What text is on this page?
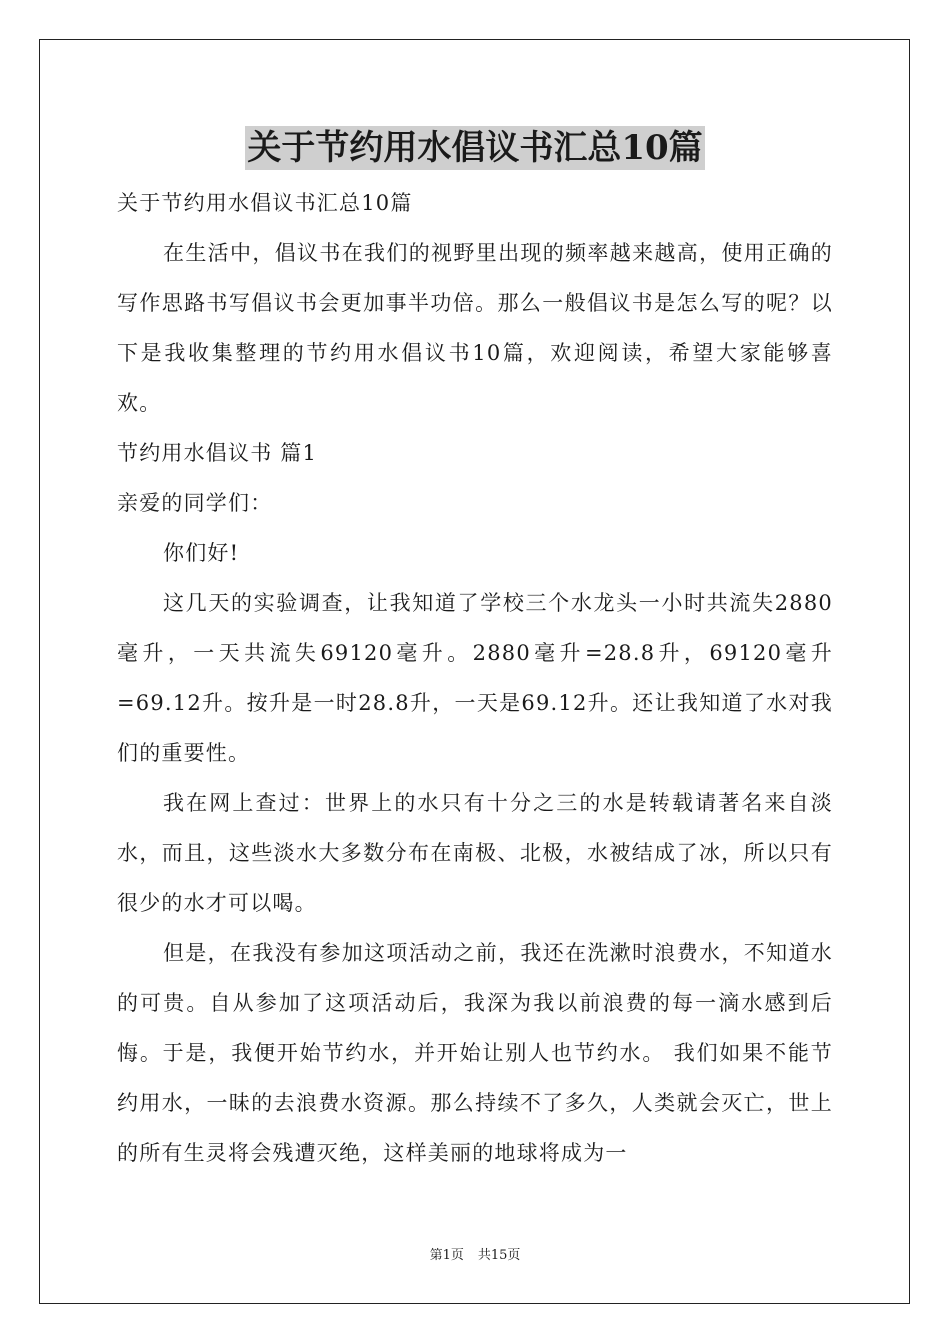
关于节约用水倡议书汇总10篇

关于节约用水倡议书汇总10篇

在生活中，倡议书在我们的视野里出现的频率越来越高，使用正确的写作思路书写倡议书会更加事半功倍。那么一般倡议书是怎么写的呢？以下是我收集整理的节约用水倡议书10篇，欢迎阅读，希望大家能够喜欢。

节约用水倡议书 篇1

亲爱的同学们：

你们好!

这几天的实验调查，让我知道了学校三个水龙头一小时共流失2880毫升，一天共流失69120毫升。2880毫升=28.8升，69120毫升=69.12升。按升是一时28.8升，一天是69.12升。还让我知道了水对我们的重要性。

我在网上查过：世界上的水只有十分之三的水是转载请著名来自淡水，而且，这些淡水大多数分布在南极、北极，水被结成了冰，所以只有很少的水才可以喝。

但是，在我没有参加这项活动之前，我还在洗漱时浪费水，不知道水的可贵。自从参加了这项活动后，我深为我以前浪费的每一滴水感到后悔。于是，我便开始节约水，并开始让别人也节约水。 我们如果不能节约用水，一昧的去浪费水资源。那么持续不了多久，人类就会灭亡，世上的所有生灵将会残遭灭绝，这样美丽的地球将成为一

第1页 共15页
